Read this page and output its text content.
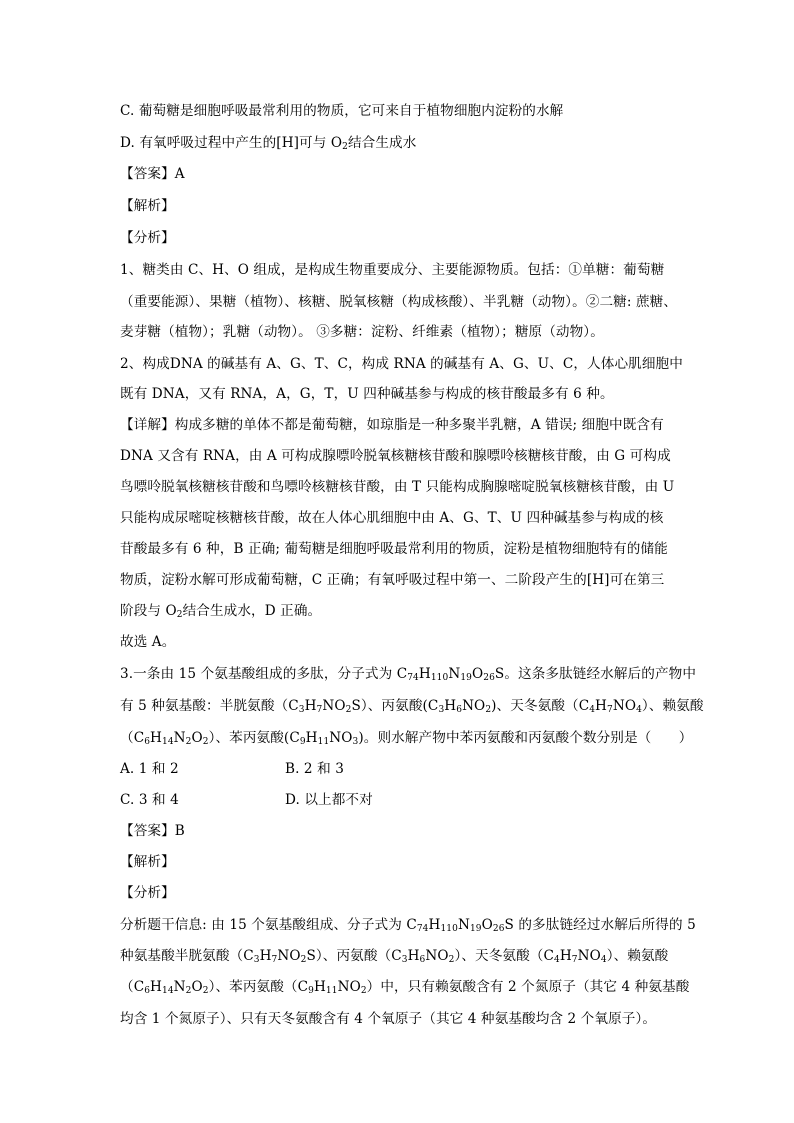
C. 葡萄糖是细胞呼吸最常利用的物质，它可来自于植物细胞内淀粉的水解
D. 有氧呼吸过程中产生的[H]可与 $O_2$结合生成水
【答案】A
【解析】
【分析】
1、糖类由 C、H、O 组成，是构成生物重要成分、主要能源物质。包括：①单糖：葡萄糖
（重要能源）、果糖（植物）、核糖、脱氧核糖（构成核酸）、半乳糖（动物）。②二糖: 蔗糖、
麦芽糖（植物）；乳糖（动物）。 ③多糖：淀粉、纤维素（植物）；糖原（动物）。
2、构成DNA 的碱基有 A、G、T、C，构成 RNA 的碱基有 A、G、U、C，人体心肌细胞中
既有 DNA，又有 RNA，A，G，T，U 四种碱基参与构成的核苷酸最多有 6 种。
【详解】构成多糖的单体不都是葡萄糖，如琼脂是一种多聚半乳糖，A 错误; 细胞中既含有
DNA 又含有 RNA，由 A 可构成腺嘌呤脱氧核糖核苷酸和腺嘌呤核糖核苷酸，由 G 可构成
鸟嘌呤脱氧核糖核苷酸和鸟嘌呤核糖核苷酸，由 T 只能构成胸腺嘧啶脱氧核糖核苷酸，由 U
只能构成尿嘧啶核糖核苷酸，故在人体心肌细胞中由 A、G、T、U 四种碱基参与构成的核
苷酸最多有 6 种，B 正确; 葡萄糖是细胞呼吸最常利用的物质，淀粉是植物细胞特有的储能
物质，淀粉水解可形成葡萄糖，C 正确；有氧呼吸过程中第一、二阶段产生的[H]可在第三
阶段与 $O_2$结合生成水，D 正确。
故选 A。
3.一条由 15 个氨基酸组成的多肽，分子式为 $C_{74}H_{110}N_{19}O_{26}S$。这条多肽链经水解后的产物中
有 5 种氨基酸：半胱氨酸$(C_3H_7NO_2S)$、丙氨酸$(C_3H_6NO_2)$、天冬氨酸$(C_4H_7NO_4)$、赖氨酸
$(C_6H_{14}N_2O_2)$、苯丙氨酸$(C_9H_{11}NO_3)$。则水解产物中苯丙氨酸和丙氨酸个数分别是（　　）
A. 1 和 2	B. 2 和 3
C. 3 和 4	D. 以上都不对
【答案】B
【解析】
【分析】
分析题干信息: 由 15 个氨基酸组成、分子式为 $C_{74}H_{110}N_{19}O_{26}S$ 的多肽链经过水解后所得的 5
种氨基酸半胱氨酸$(C_3H_7NO_2S)$、丙氨酸$(C_3H_6NO_2)$、天冬氨酸$(C_4H_7NO_4)$、赖氨酸
$(C_6H_{14}N_2O_2)$、苯丙氨酸$(C_9H_{11}NO_2)$中，只有赖氨酸含有 2 个氮原子（其它 4 种氨基酸
均含 1 个氮原子）、只有天冬氨酸含有 4 个氧原子（其它 4 种氨基酸均含 2 个氧原子）。
